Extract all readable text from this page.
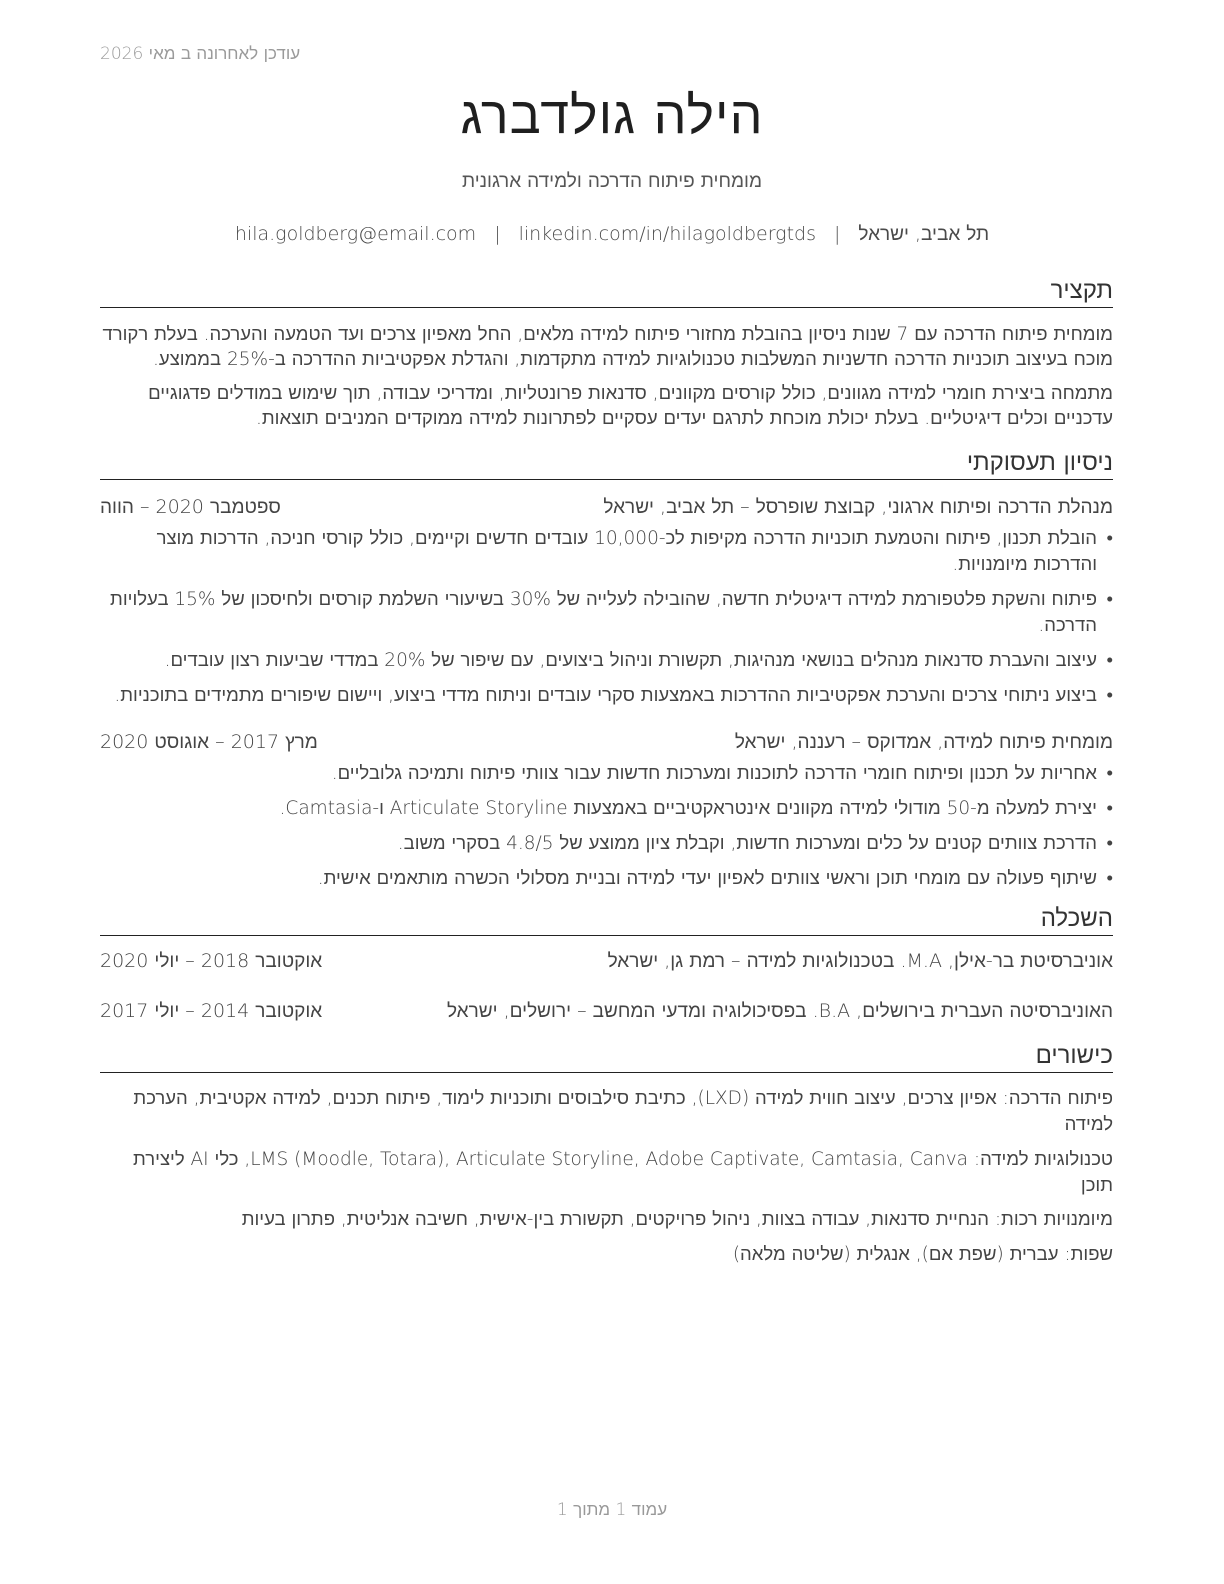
עודכן לאחרונה ב מאי 2026
הילה גולדברג
מומחית פיתוח הדרכה ולמידה ארגונית
תל אביב, ישראל|hila.goldberg@email.com | linkedin.com/in/hilagoldbergtds
תקציר

מומחית פיתוח הדרכה עם 7 שנות ניסיון בהובלת מחזורי פיתוח למידה מלאים, החל מאפיון צרכים ועד הטמעה והערכה. בעלת רקורד מוכח בעיצוב תוכניות הדרכה חדשניות המשלבות טכנולוגיות למידה מתקדמות, והגדלת אפקטיביות ההדרכה ב-25% בממוצע.

מתמחה ביצירת חומרי למידה מגוונים, כולל קורסים מקוונים, סדנאות פרונטליות, ומדריכי עבודה, תוך שימוש במודלים פדגוגיים עדכניים וכלים דיגיטליים. בעלת יכולת מוכחת לתרגם יעדים עסקיים לפתרונות למידה ממוקדים המניבים תוצאות.

ניסיון תעסוקתי
מנהלת הדרכה ופיתוח ארגוני, קבוצת שופרסל – תל אביב, ישראל
ספטמבר 2020 – הווה
• הובלת תכנון, פיתוח והטמעת תוכניות הדרכה מקיפות לכ-10,000 עובדים חדשים וקיימים, כולל קורסי חניכה, הדרכות מוצר והדרכות מיומנויות.
• פיתוח והשקת פלטפורמת למידה דיגיטלית חדשה, שהובילה לעלייה של 30% בשיעורי השלמת קורסים ולחיסכון של 15% בעלויות הדרכה.
• עיצוב והעברת סדנאות מנהלים בנושאי מנהיגות, תקשורת וניהול ביצועים, עם שיפור של 20% במדדי שביעות רצון עובדים.
• ביצוע ניתוחי צרכים והערכת אפקטיביות ההדרכות באמצעות סקרי עובדים וניתוח מדדי ביצוע, ויישום שיפורים מתמידים בתוכניות.
מומחית פיתוח למידה, אמדוקס – רעננה, ישראל
מרץ 2017 – אוגוסט 2020
• אחריות על תכנון ופיתוח חומרי הדרכה לתוכנות ומערכות חדשות עבור צוותי פיתוח ותמיכה גלובליים.
• יצירת למעלה מ-50 מודולי למידה מקוונים אינטראקטיביים באמצעות Articulate Storyline ו-Camtasia.
• הדרכת צוותים קטנים על כלים ומערכות חדשות, וקבלת ציון ממוצע של 4.8/5 בסקרי משוב.
• שיתוף פעולה עם מומחי תוכן וראשי צוותים לאפיון יעדי למידה ובניית מסלולי הכשרה מותאמים אישית.
השכלה
אוניברסיטת בר-אילן, M.A. בטכנולוגיות למידה – רמת גן, ישראל
אוקטובר 2018 – יולי 2020
האוניברסיטה העברית בירושלים, B.A. בפסיכולוגיה ומדעי המחשב – ירושלים, ישראל
אוקטובר 2014 – יולי 2017
כישורים
פיתוח הדרכה: אפיון צרכים, עיצוב חווית למידה (LXD), כתיבת סילבוסים ותוכניות לימוד, פיתוח תכנים, למידה אקטיבית, הערכת למידה
טכנולוגיות למידה: LMS (Moodle, Totara), Articulate Storyline, Adobe Captivate, Camtasia, Canva, כלי AI ליצירת תוכן
מיומנויות רכות: הנחיית סדנאות, עבודה בצוות, ניהול פרויקטים, תקשורת בין-אישית, חשיבה אנליטית, פתרון בעיות
שפות: עברית (שפת אם), אנגלית (שליטה מלאה)
עמוד 1 מתוך 1
